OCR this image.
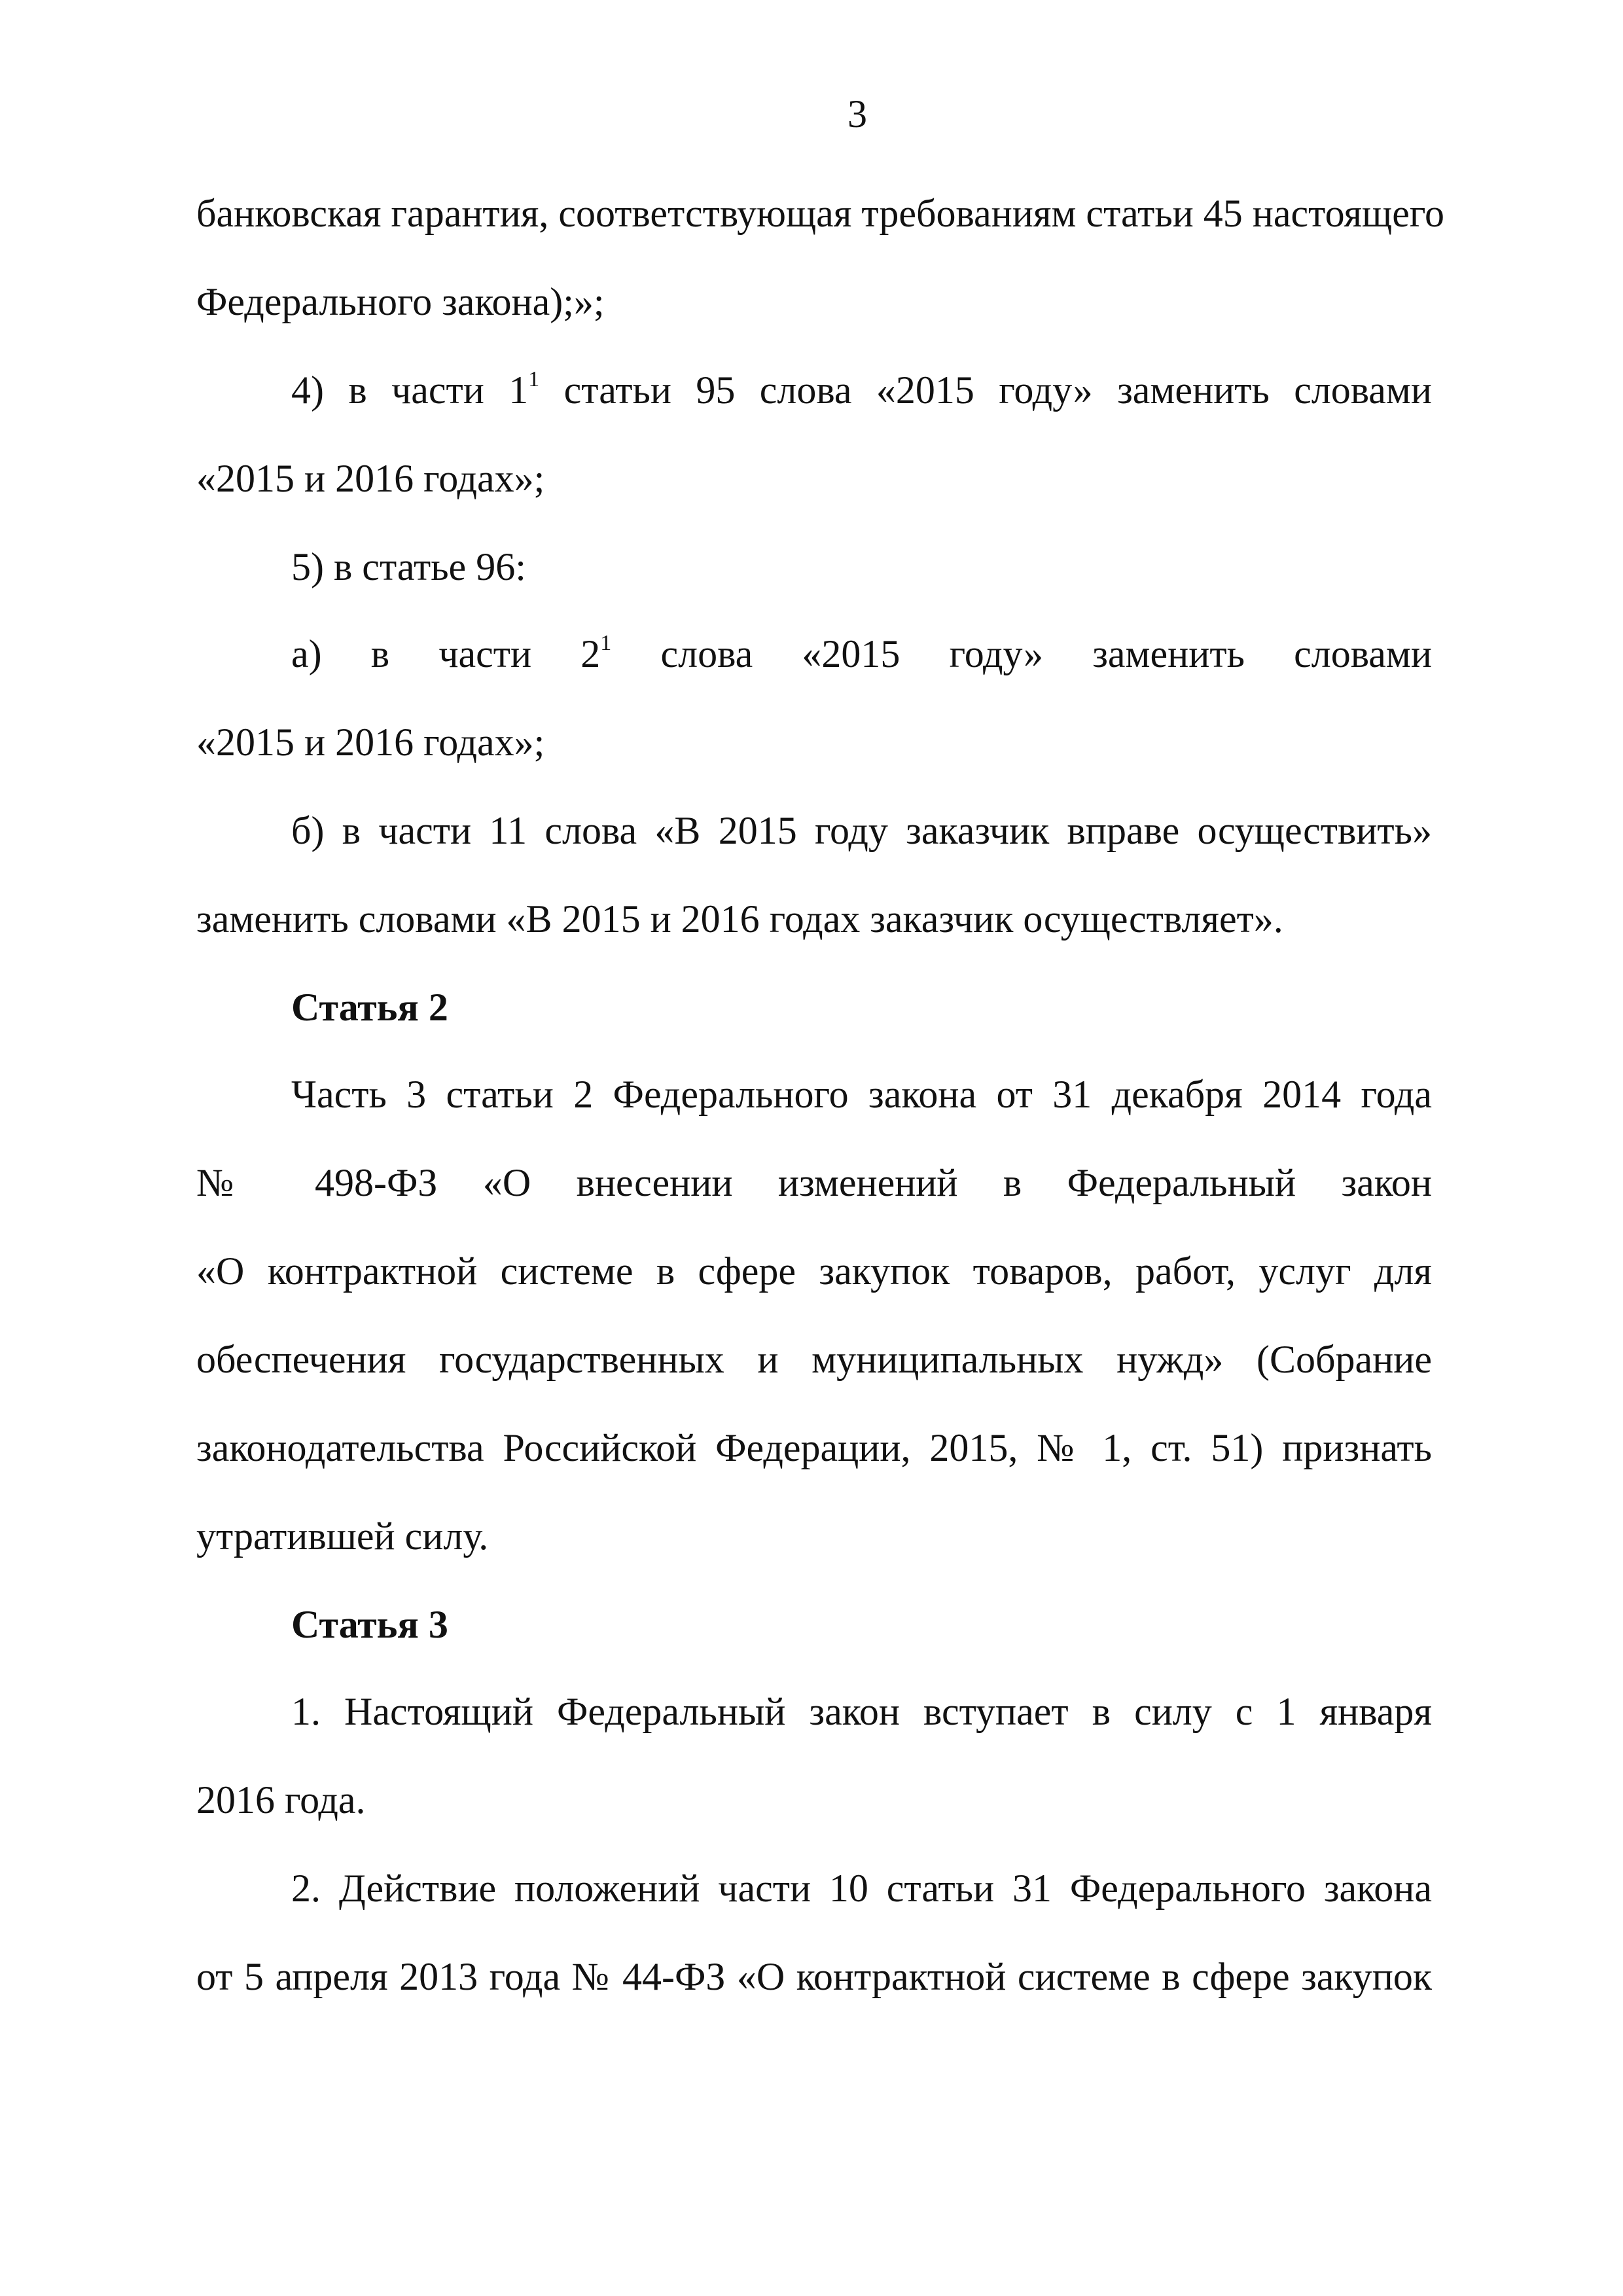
3
банковская гарантия, соответствующая требованиям статьи 45 настоящего
Федерального закона);»;
4) в части $1^1$ статьи 95 слова «2015 году» заменить словами
«2015 и 2016 годах»;
5) в статье 96:
а) в части $2^1$ слова «2015 году» заменить словами
«2015 и 2016 годах»;
б) в части 11 слова «В 2015 году заказчик вправе осуществить»
заменить словами «В 2015 и 2016 годах заказчик осуществляет».
Статья 2
Часть 3 статьи 2 Федерального закона от 31 декабря 2014 года
№ 498-ФЗ «О внесении изменений в Федеральный закон
«О контрактной системе в сфере закупок товаров, работ, услуг для
обеспечения государственных и муниципальных нужд» (Собрание
законодательства Российской Федерации, 2015, № 1, ст. 51) признать
утратившей силу.
Статья 3
1. Настоящий Федеральный закон вступает в силу с 1 января
2016 года.
2. Действие положений части 10 статьи 31 Федерального закона
от 5 апреля 2013 года № 44-ФЗ «О контрактной системе в сфере закупок
